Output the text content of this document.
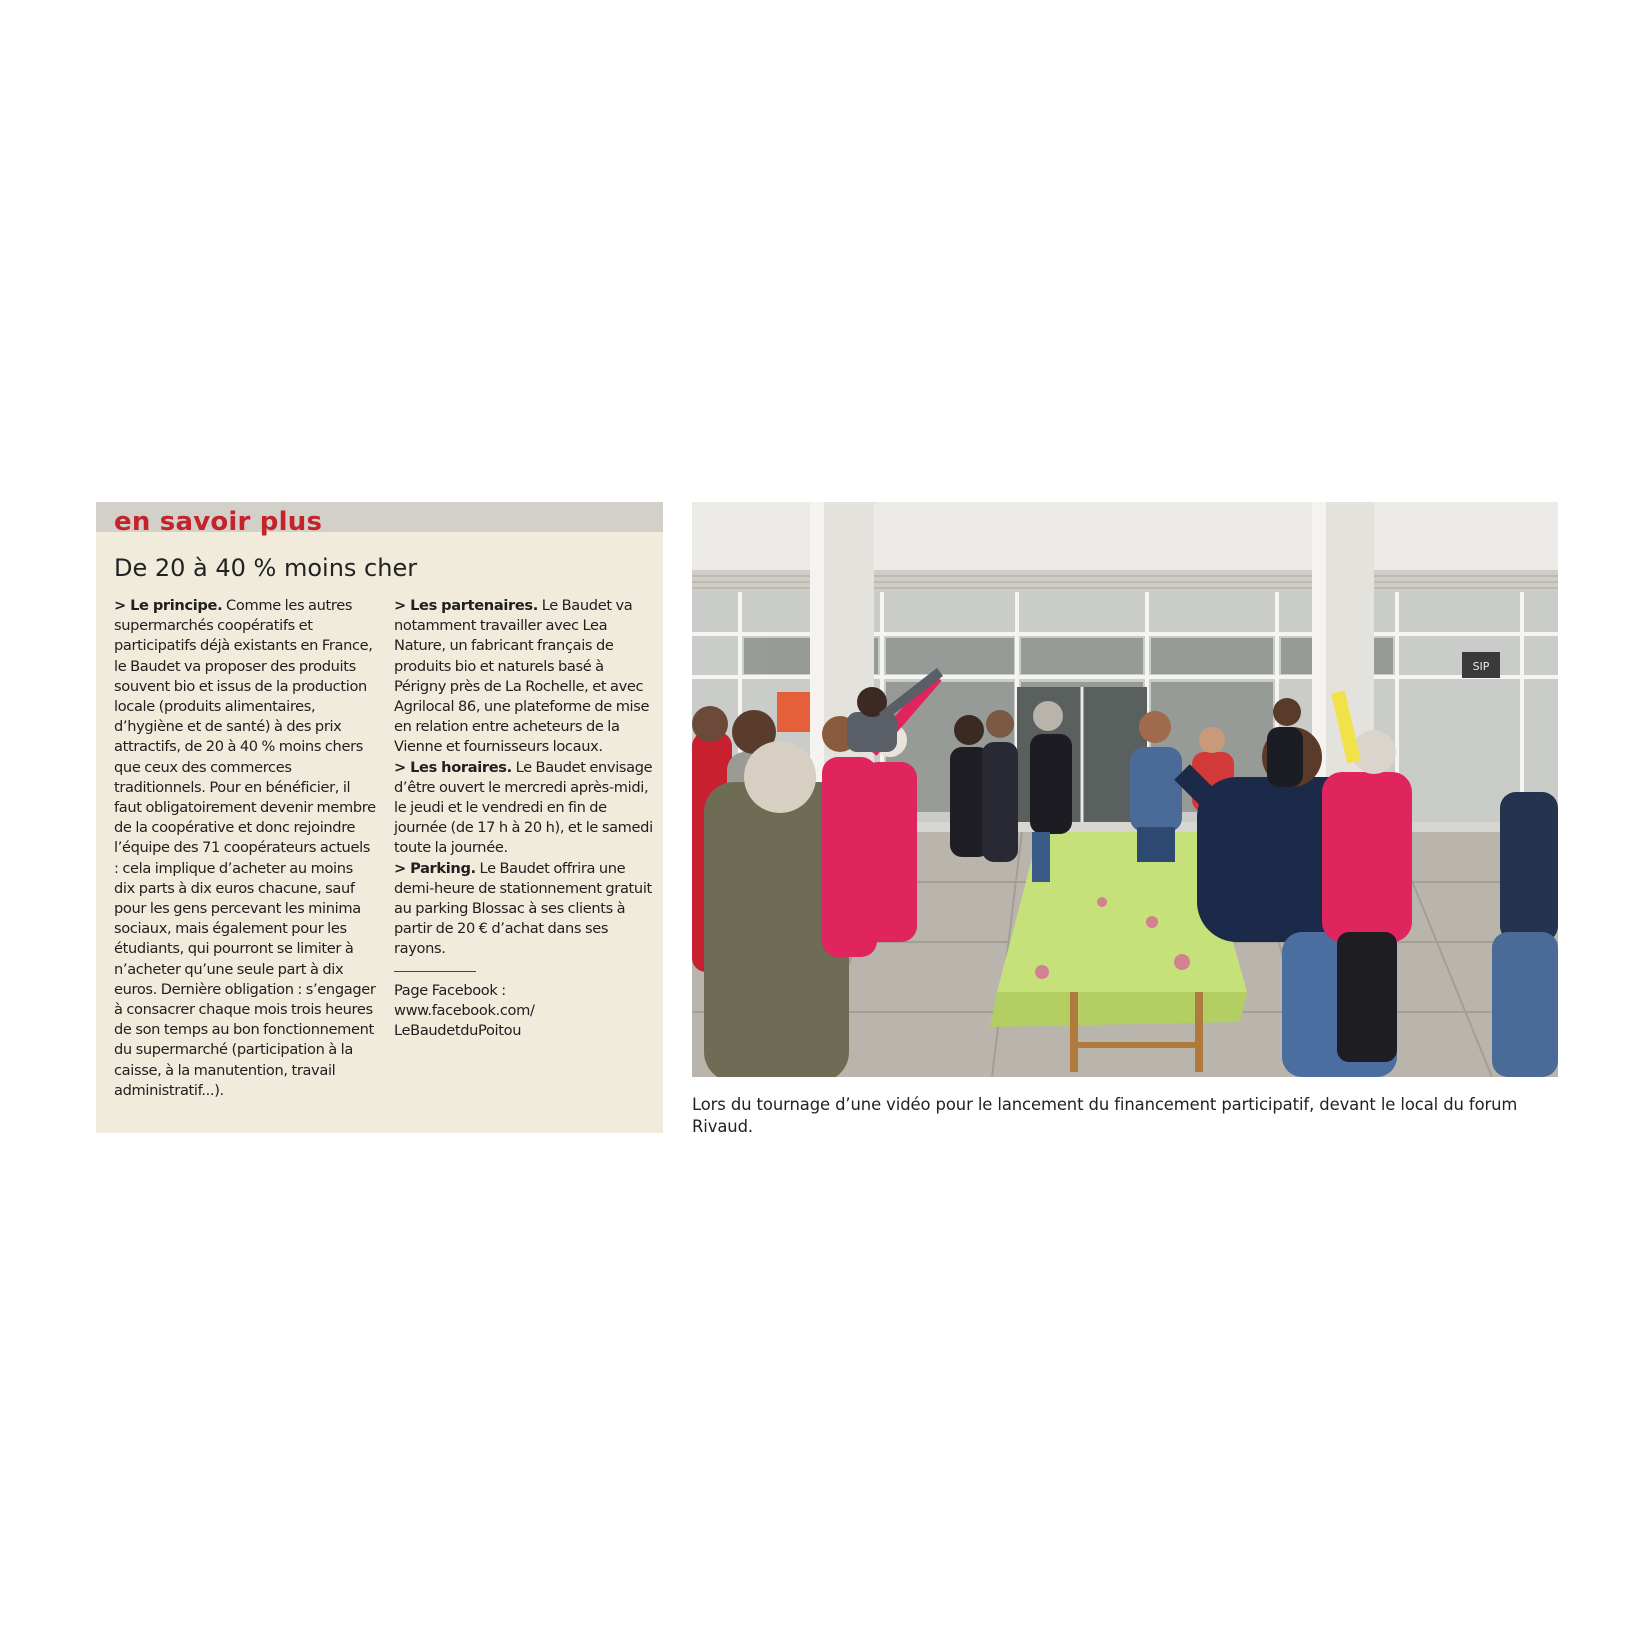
en savoir plus
De 20 à 40 % moins cher

> Le principe. Comme les autres supermarchés coopératifs et participatifs déjà existants en France, le Baudet va proposer des produits souvent bio et issus de la production locale (produits alimentaires, d’hygiène et de santé) à des prix attractifs, de 20 à 40 % moins chers que ceux des commerces traditionnels. Pour en bénéficier, il faut obligatoirement devenir membre de la coopérative et donc rejoindre l’équipe des 71 coopérateurs actuels : cela implique d’acheter au moins dix parts à dix euros chacune, sauf pour les gens percevant les minima sociaux, mais également pour les étudiants, qui pourront se limiter à n’acheter qu’une seule part à dix euros. Dernière obligation : s’engager à consacrer chaque mois trois heures de son temps au bon fonctionnement du supermarché (participation à la caisse, à la manutention, travail administratif...).

> Les partenaires. Le Baudet va notamment travailler avec Lea Nature, un fabricant français de produits bio et naturels basé à Périgny près de La Rochelle, et avec Agrilocal 86, une plateforme de mise en relation entre acheteurs de la Vienne et fournisseurs locaux.

> Les horaires. Le Baudet envisage d’être ouvert le mercredi après-midi, le jeudi et le vendredi en fin de journée (de 17 h à 20 h), et le samedi toute la journée.

> Parking. Le Baudet offrira une demi-heure de stationnement gratuit au parking Blossac à ses clients à partir de 20 € d’achat dans ses rayons.

Page Facebook :
www.facebook.com/
LeBaudetduPoitou

SIP
Lors du tournage d’une vidéo pour le lancement du financement participatif, devant le local du forum Rivaud.
